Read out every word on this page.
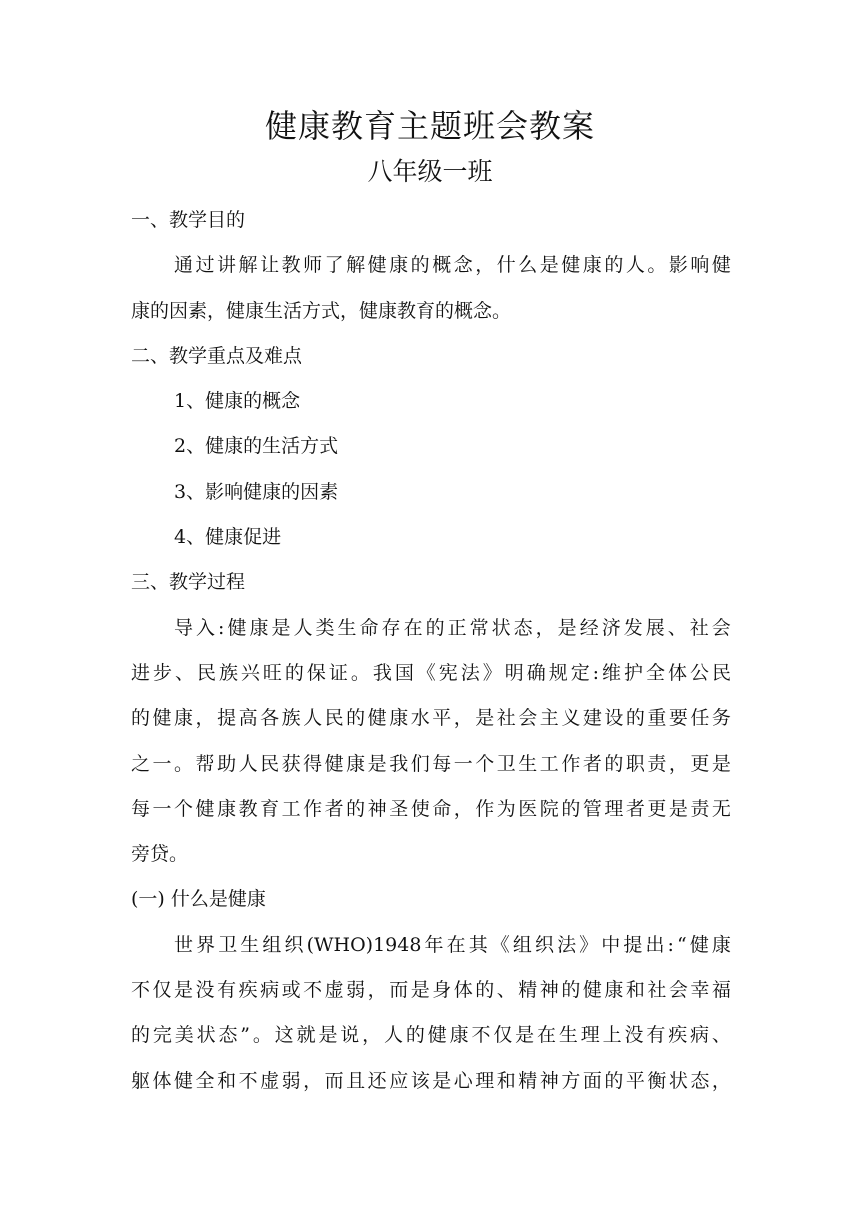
健康教育主题班会教案
八年级一班
一、教学目的
通 过 讲 解 让 教 师 了 解 健 康 的 概 念 ， 什 么 是 健 康 的 人 。 影 响 健
康的因素，健康生活方式，健康教育的概念。
二、教学重点及难点
1、健康的概念
2、健康的生活方式
3、影响健康的因素
4、健康促进
三、教学过程
导 入 : 健 康 是 人 类 生 命 存 在 的 正 常 状 态 ， 是 经 济 发 展 、 社 会
进 步 、 民 族 兴 旺 的 保 证 。 我 国 《 宪 法 》 明 确 规 定 : 维 护 全 体 公 民
的 健 康 ， 提 高 各 族 人 民 的 健 康 水 平 ， 是 社 会 主 义 建 设 的 重 要 任 务
之 一 。 帮 助 人 民 获 得 健 康 是 我 们 每 一 个 卫 生 工 作 者 的 职 责 ， 更 是
每 一 个 健 康 教 育 工 作 者 的 神 圣 使 命 ， 作 为 医 院 的 管 理 者 更 是 责 无
旁贷。
(一) 什么是健康
世 界 卫 生 组 织 (WHO)1948 年 在 其 《 组 织 法 》 中 提 出 : “ 健 康
不 仅 是 没 有 疾 病 或 不 虚 弱 ， 而 是 身 体 的 、 精 神 的 健 康 和 社 会 幸 福
的 完 美 状 态 ” 。 这 就 是 说 ， 人 的 健 康 不 仅 是 在 生 理 上 没 有 疾 病 、
躯 体 健 全 和 不 虚 弱 ， 而 且 还 应 该 是 心 理 和 精 神 方 面 的 平 衡 状 态 ，
